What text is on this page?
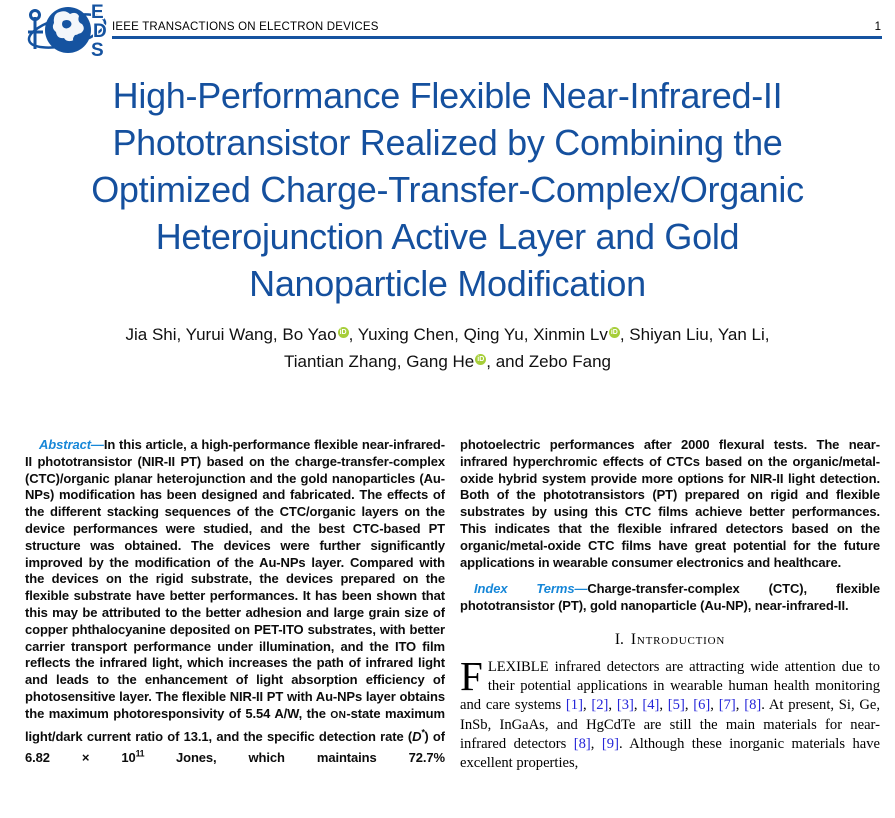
E
D
S
IEEE TRANSACTIONS ON ELECTRON DEVICES	1
High-Performance Flexible Near-Infrared-II
Phototransistor Realized by Combining the
Optimized Charge-Transfer-Complex/Organic
Heterojunction Active Layer and Gold
Nanoparticle Modification
Jia Shi, Yurui Wang, Bo Yao iD , Yuxing Chen, Qing Yu, Xinmin Lv iD , Shiyan Liu, Yan Li,
Tiantian Zhang, Gang He iD , and Zebo Fang

Abstract—In this article, a high-performance flexible near-infrared-II phototransistor (NIR-II PT) based on the charge-transfer-complex (CTC)/organic planar heterojunction and the gold nanoparticles (Au-NPs) modification has been designed and fabricated. The effects of the different stacking sequences of the CTC/organic layers on the device performances were studied, and the best CTC-based PT structure was obtained. The devices were further significantly improved by the modification of the Au-NPs layer. Compared with the devices on the rigid substrate, the devices prepared on the flexible substrate have better performances. It has been shown that this may be attributed to the better adhesion and large grain size of copper phthalocyanine deposited on PET-ITO substrates, with better carrier transport performance under illumination, and the ITO film reflects the infrared light, which increases the path of infrared light and leads to the enhancement of light absorption efficiency of photosensitive layer. The flexible NIR-II PT with Au-NPs layer obtains the maximum photoresponsivity of 5.54 A/W, the ON-state maximum light/dark current ratio of 13.1, and the specific detection rate (D*) of $6.82 \times 10^{11}$ Jones, which maintains 72.7%

photoelectric performances after 2000 flexural tests. The near-infrared hyperchromic effects of CTCs based on the organic/metal-oxide hybrid system provide more options for NIR-II light detection. Both of the phototransistors (PT) prepared on rigid and flexible substrates by using this CTC films achieve better performances. This indicates that the flexible infrared detectors based on the organic/metal-oxide CTC films have great potential for the future applications in wearable consumer electronics and healthcare.

Index Terms—Charge-transfer-complex (CTC), flexible phototransistor (PT), gold nanoparticle (Au-NP), near-infrared-II.

I. Introduction

FLEXIBLE infrared detectors are attracting wide attention due to their potential applications in wearable human health monitoring and care systems [1], [2], [3], [4], [5], [6], [7], [8]. At present, Si, Ge, InSb, InGaAs, and HgCdTe are still the main materials for near-infrared detectors [8], [9]. Although these inorganic materials have excellent properties,
